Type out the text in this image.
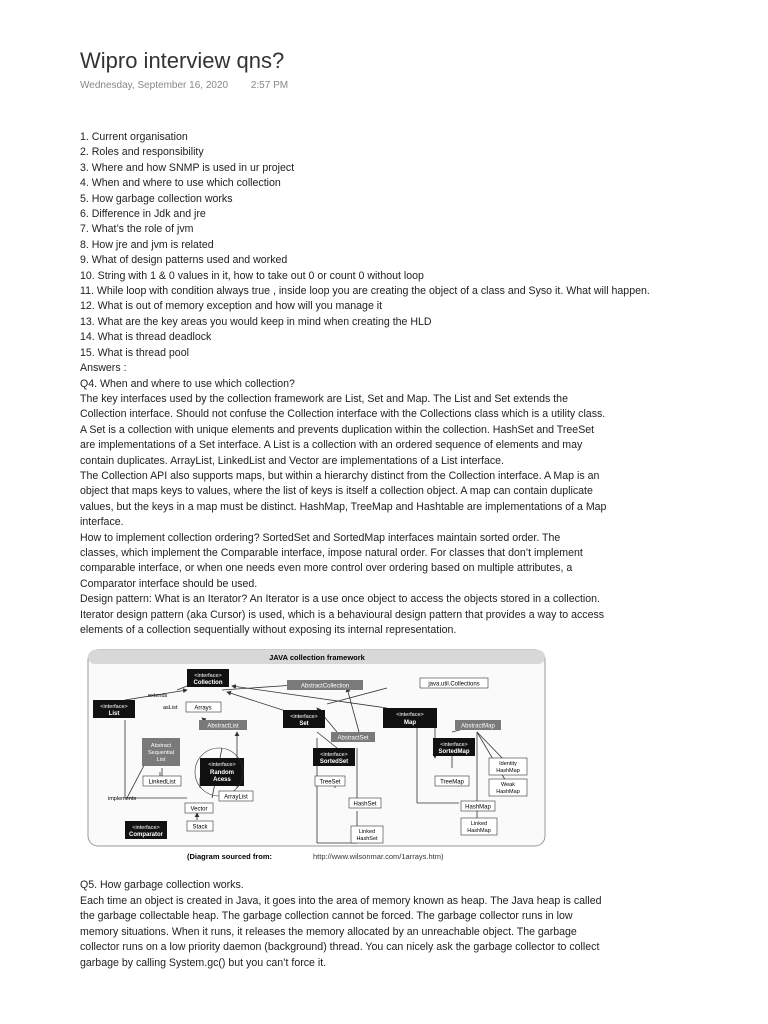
Wipro interview qns?
Wednesday, September 16, 2020 2:57 PM
1. Current organisation
2. Roles and responsibility
3. Where and how SNMP is used in ur project
4. When and where to use which collection
5. How garbage collection works
6. Difference in Jdk and jre
7. What’s the role of jvm
8. How jre and jvm is related
9. What of design patterns used and worked
10. String with 1 & 0 values in it, how to take out 0 or count 0 without loop
11. While loop with condition always true , inside loop you are creating the object of a class and Syso it. What will happen.
12. What is out of memory exception and how will you manage it
13. What are the key areas you would keep in mind when creating the HLD
14. What is thread deadlock
15. What is thread pool
Answers :
Q4. When and where to use which collection?
The key interfaces used by the collection framework are List, Set and Map. The List and Set extends the
Collection interface. Should not confuse the Collection interface with the Collections class which is a utility class.
A Set is a collection with unique elements and prevents duplication within the collection. HashSet and TreeSet
are implementations of a Set interface. A List is a collection with an ordered sequence of elements and may
contain duplicates. ArrayList, LinkedList and Vector are implementations of a List interface.
The Collection API also supports maps, but within a hierarchy distinct from the Collection interface. A Map is an
object that maps keys to values, where the list of keys is itself a collection object. A map can contain duplicate
values, but the keys in a map must be distinct. HashMap, TreeMap and Hashtable are implementations of a Map
interface.
How to implement collection ordering? SortedSet and SortedMap interfaces maintain sorted order. The
classes, which implement the Comparable interface, impose natural order. For classes that don’t implement
comparable interface, or when one needs even more control over ordering based on multiple attributes, a
Comparator interface should be used.
Design pattern: What is an Iterator? An Iterator is a use once object to access the objects stored in a collection.
Iterator design pattern (aka Cursor) is used, which is a behavioural design pattern that provides a way to access
elements of a collection sequentially without exposing its internal representation.
JAVA collection framework
<interface>
Collection
AbstractCollection	java.util.Collections
extends
asList	Arrays
<interface>
List
AbstractList
Abstract
Sequential
List
<interface>
Random
Acess
LinkedList
ArrayList
implements
Vector
Stack
<interface>
Comparator
<interface>
Set
AbstractSet
<interface>
SortedSet
TreeSet
HashSet
Linked
HashSet
<interface>
Map
AbstractMap
<interface>
SortedMap
TreeMap
Identity
HashMap
Weak
HashMap
HashMap
Linked
HashMap
(Diagram sourced from:	http://www.wilsonmar.com/1arrays.htm)
Q5. How garbage collection works.
Each time an object is created in Java, it goes into the area of memory known as heap. The Java heap is called
the garbage collectable heap. The garbage collection cannot be forced. The garbage collector runs in low
memory situations. When it runs, it releases the memory allocated by an unreachable object. The garbage
collector runs on a low priority daemon (background) thread. You can nicely ask the garbage collector to collect
garbage by calling System.gc() but you can’t force it.
